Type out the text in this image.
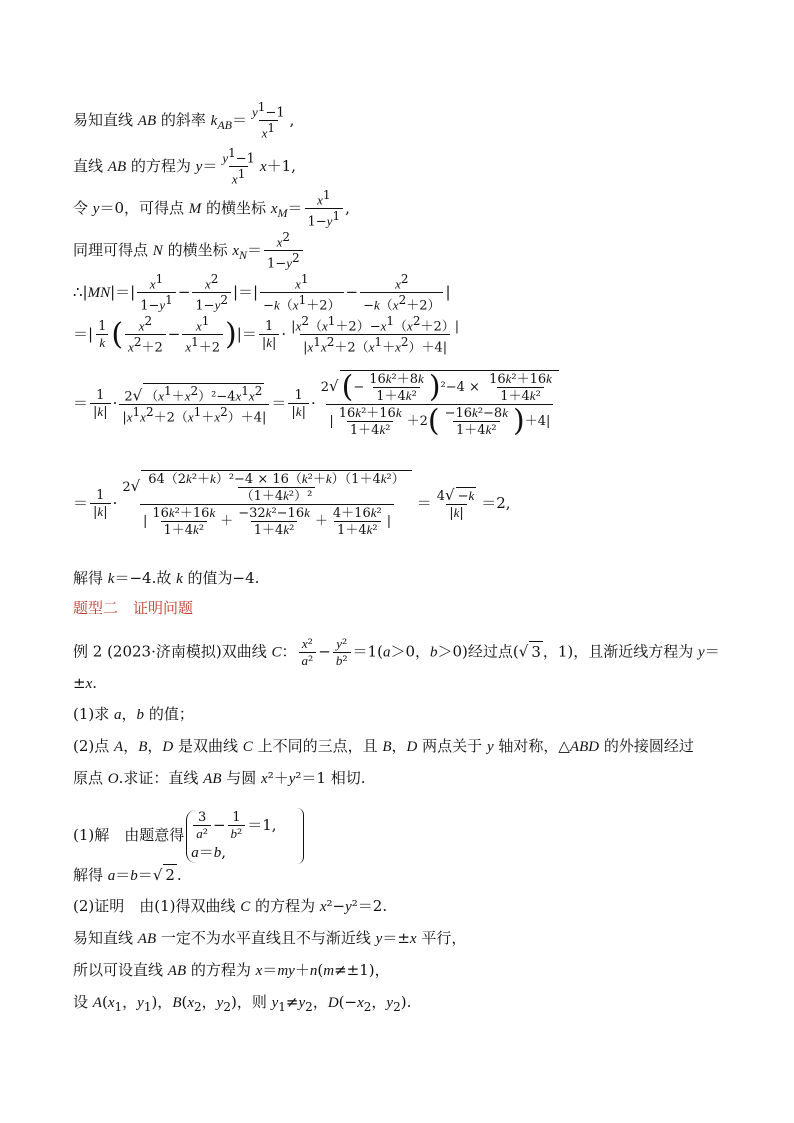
易知直线 AB 的斜率 $k_{AB}= \frac{y^1-1}{x^1}$ ,
直线 AB 的方程为 $y= \frac{y^1-1}{x^1} x+1$,
令 y＝0，可得点 M 的横坐标 $x_M= \frac{x^1}{1-y^1}$ ,
同理可得点 N 的横坐标 $x_N= \frac{x^2}{1-y^2}$
∴|MN|＝| $\frac{x^1}{1-y^1} - \frac{x^2}{1-y^2}$ |＝| $\frac{x^1}{-k(x^1+2)} - \frac{x^2}{-k(x^2+2)}$ |
＝| $\frac{1}{k}$ ( $\frac{x^2}{x^2+2} - \frac{x^1}{x^1+2}$ )|＝ $\frac{1}{|k|} \cdot \frac{|x^2(x^1+2)-x^1(x^2+2)|}{|x^1x^2+2(x^1+x^2)+4|}$
＝ $\frac{1}{|k|} \cdot \frac{2√ (x^1+x^2)^2-4x^1x^2}{|x^1x^2+2(x^1+x^2)+4|} = \frac{1}{|k|} \cdot \frac{2√ (- \frac{\text{16k²＋8k}}{\text{1＋4k²}} )^2-4 \times \frac{\text{16k²＋16k}}{\text{1＋4k²}}}{| \frac{\text{16k²＋16k}}{\text{1＋4k²}} +2( \frac{\text{−16k²−8k}}{\text{1＋4k²}} )+4|}$
＝ $\frac{1}{|k|} \cdot \frac{2√ \frac{\text{64（2k²＋k）²−4 × 16（k²＋k）（1＋4k²）}}{\text{（1＋4k²）²}}}{| \frac{\text{16k²＋16k}}{\text{1＋4k²}} + \frac{\text{−32k²−16k}}{\text{1＋4k²}} + \frac{\text{4＋16k²}}{\text{1＋4k²}} |} = \frac{4√ -k}{|k|} =2$,
解得 k＝−4.故 k 的值为−4.
题型二　证明问题
例 2 (2023·济南模拟)双曲线 C： $\frac{\text{x²}}{\text{a²}} - \frac{\text{y²}}{\text{b²}} =1(a>0$，b＞0)经过点(√ 3 ，1)，且渐近线方程为 y＝
±x.
(1)求 a，b 的值；
(2)点 A，B，D 是双曲线 C 上不同的三点，且 B，D 两点关于 y 轴对称，△ABD 的外接圆经过
原点 O.求证：直线 AB 与圆 x²＋y²＝1 相切.
(1)解　由题意得 $\frac{3}{\text{a²}} - \frac{1}{\text{b²}} =1$,
a＝b,
解得 a＝b＝√ 2 .
(2)证明　由(1)得双曲线 C 的方程为 x²−y²＝2.
易知直线 AB 一定不为水平直线且不与渐近线 y＝±x 平行，
所以可设直线 AB 的方程为 x＝my＋n(m≠±1)，
设 $A(x_1$，$y_1$)，$B(x_2$，$y_2$)，则 $y_1\ne y_2$，$D(-x_2$，$y_2$).
